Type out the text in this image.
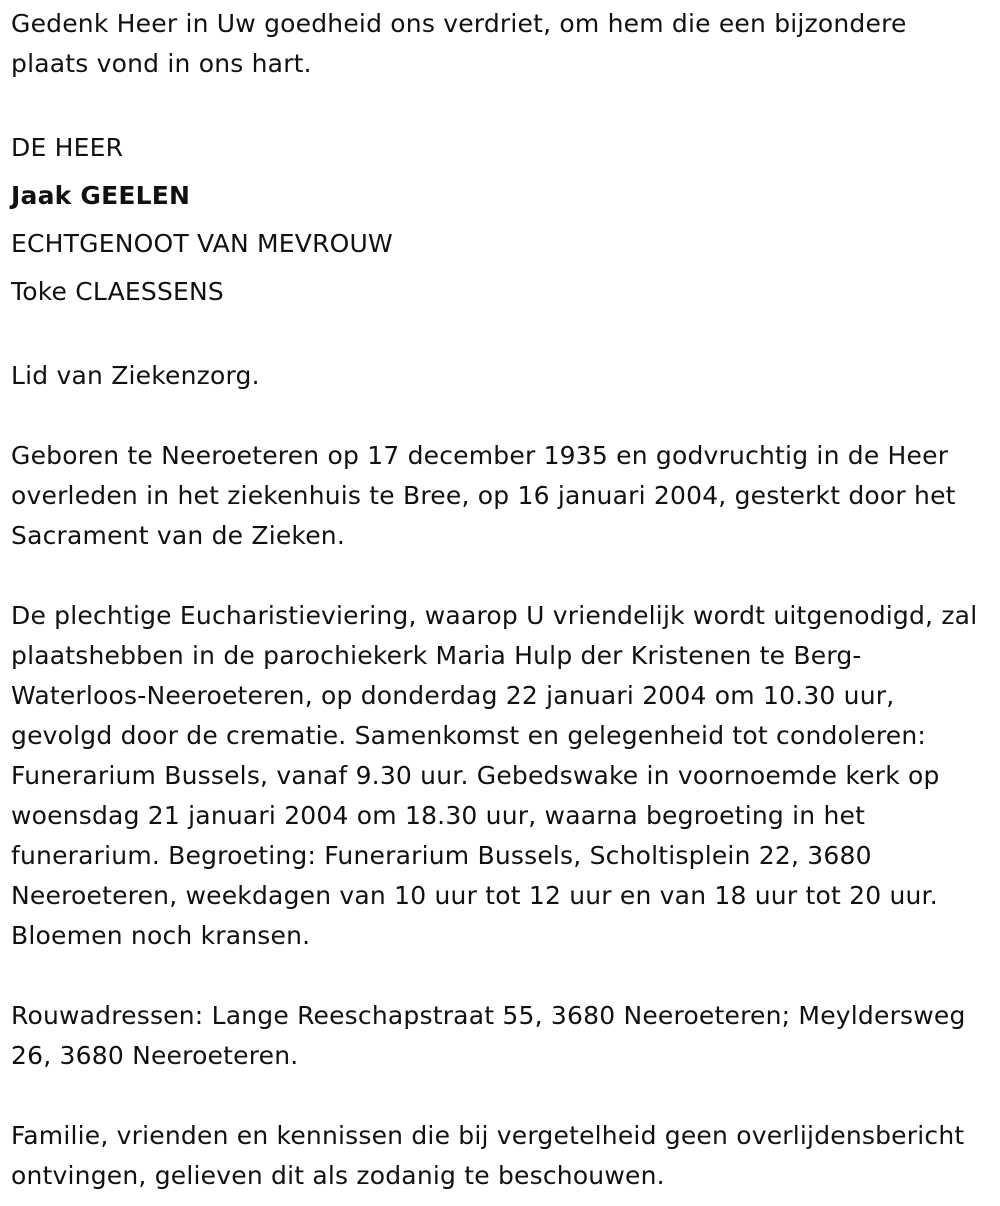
Gedenk Heer in Uw goedheid ons verdriet, om hem die een bijzondere plaats vond in ons hart.

DE HEER

Jaak GEELEN

ECHTGENOOT VAN MEVROUW

Toke CLAESSENS

Lid van Ziekenzorg.

Geboren te Neeroeteren op 17 december 1935 en godvruchtig in de Heer overleden in het ziekenhuis te Bree, op 16 januari 2004, gesterkt door het Sacrament van de Zieken.

De plechtige Eucharistieviering, waarop U vriendelijk wordt uitgenodigd, zal plaatshebben in de parochiekerk Maria Hulp der Kristenen te Berg-Waterloos-Neeroeteren, op donderdag 22 januari 2004 om 10.30 uur, gevolgd door de crematie. Samenkomst en gelegenheid tot condoleren: Funerarium Bussels, vanaf 9.30 uur. Gebedswake in voornoemde kerk op woensdag 21 januari 2004 om 18.30 uur, waarna begroeting in het funerarium. Begroeting: Funerarium Bussels, Scholtisplein 22, 3680 Neeroeteren, weekdagen van 10 uur tot 12 uur en van 18 uur tot 20 uur. Bloemen noch kransen.

Rouwadressen: Lange Reeschapstraat 55, 3680 Neeroeteren; Meyldersweg 26, 3680 Neeroeteren.

Familie, vrienden en kennissen die bij vergetelheid geen overlijdensbericht ontvingen, gelieven dit als zodanig te beschouwen.
